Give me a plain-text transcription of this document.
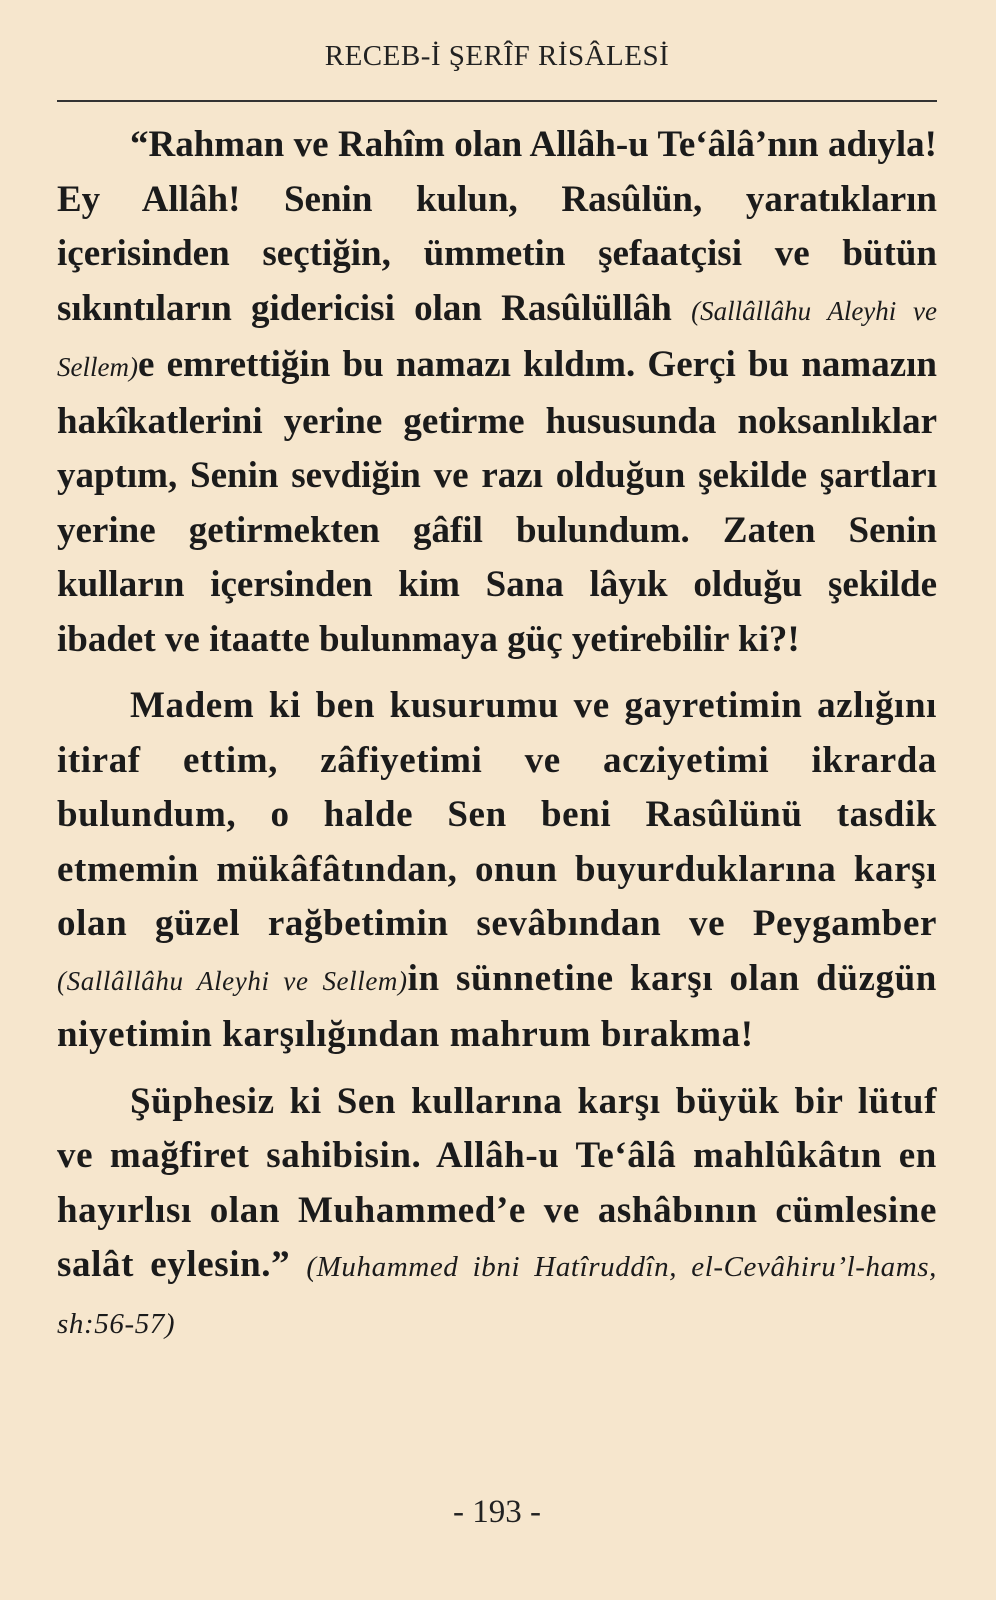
RECEB-İ ŞERÎF RİSÂLESİ

“Rahman ve Rahîm olan Allâh-u Te‘âlâ’nın adıyla! Ey Allâh! Senin kulun, Rasûlün, yaratıkların içerisinden seçtiğin, ümmetin şefaatçisi ve bütün sıkıntıların gidericisi olan Rasûlüllâh (Sallâllâhu Aleyhi ve Sellem)e emrettiğin bu namazı kıldım. Gerçi bu namazın hakîkatlerini yerine getirme hususunda noksanlıklar yaptım, Senin sevdiğin ve razı olduğun şekilde şartları yerine getirmekten gâfil bulundum. Zaten Senin kulların içersinden kim Sana lâyık olduğu şekilde ibadet ve itaatte bulunmaya güç yetirebilir ki?!

Madem ki ben kusurumu ve gayretimin azlığını itiraf ettim, zâfiyetimi ve acziyetimi ikrarda bulundum, o halde Sen beni Rasûlünü tasdik etmemin mükâfâtından, onun buyurduklarına karşı olan güzel rağbetimin sevâbından ve Peygamber (Sallâllâhu Aleyhi ve Sellem)in sünnetine karşı olan düzgün niyetimin karşılığından mahrum bırakma!

Şüphesiz ki Sen kullarına karşı büyük bir lütuf ve mağfiret sahibisin. Allâh-u Te‘âlâ mahlûkâtın en hayırlısı olan Muhammed’e ve ashâbının cümlesine salât eylesin.” (Muhammed ibni Hatîruddîn, el-Cevâhiru’l-hams, sh:56-57)

- 193 -
